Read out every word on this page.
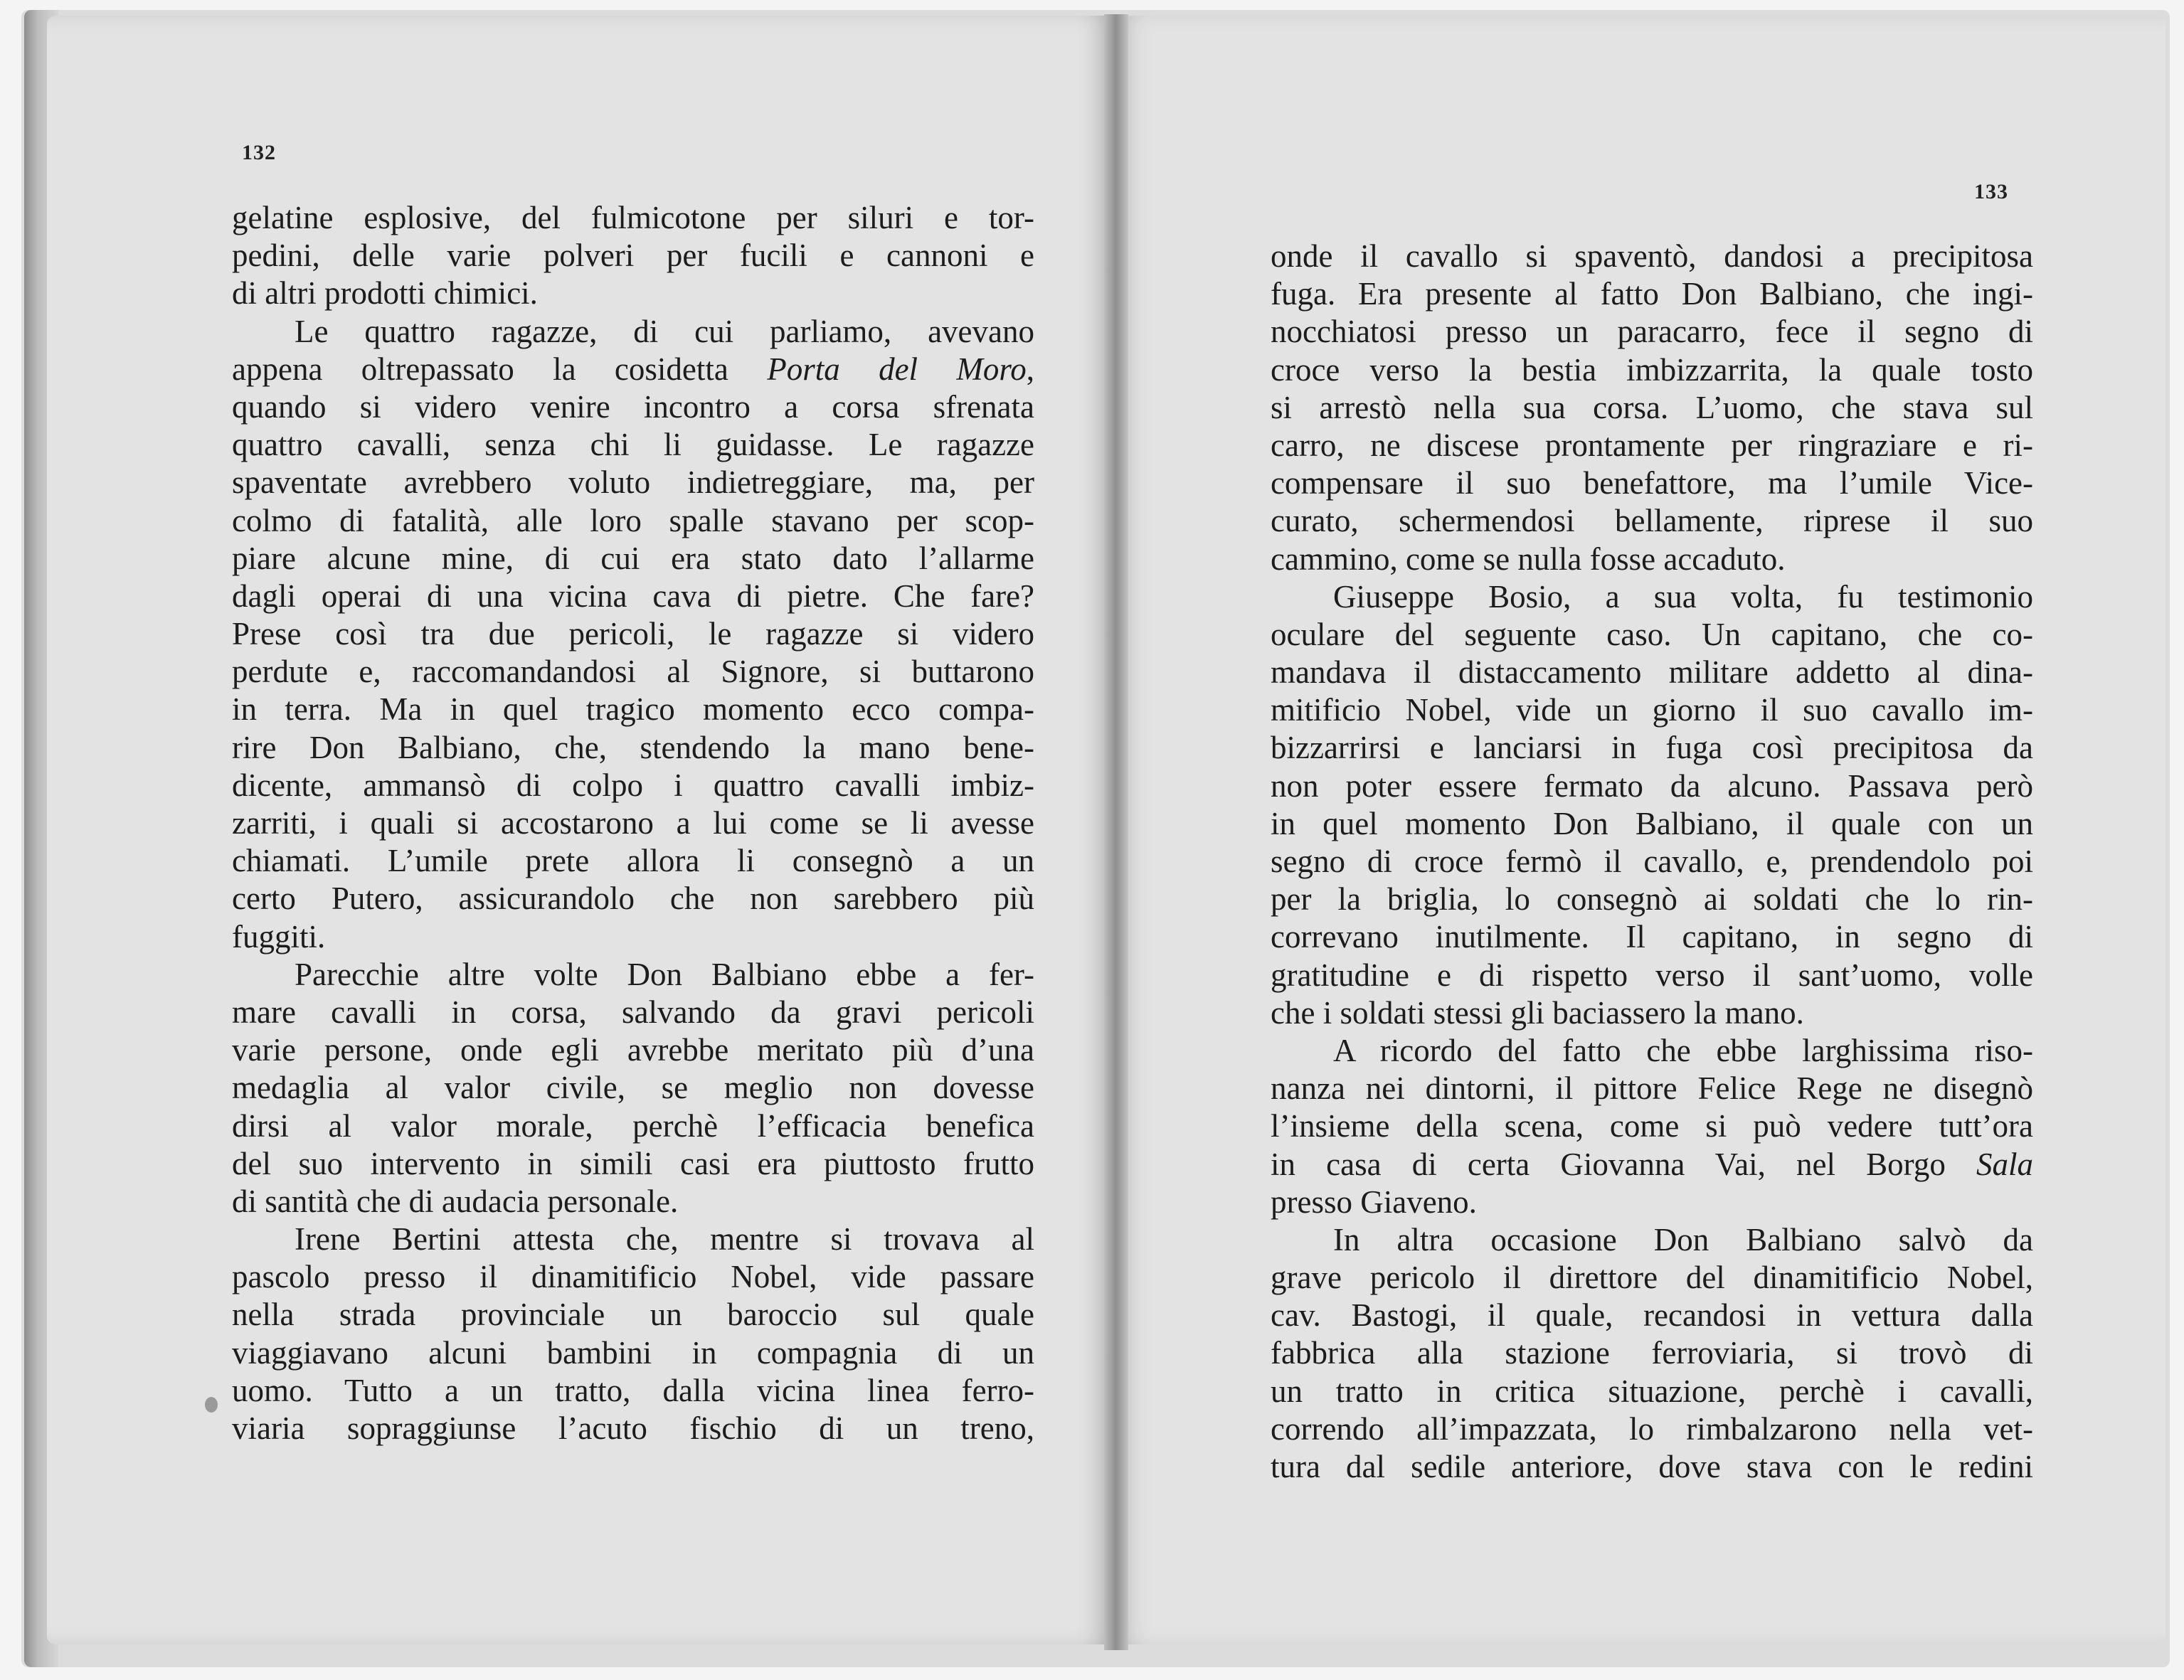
132
133
gelatine esplosive, del fulmicotone per siluri e tor-
pedini, delle varie polveri per fucili e cannoni e
di altri prodotti chimici.
Le quattro ragazze, di cui parliamo, avevano
appena oltrepassato la cosidetta Porta del Moro,
quando si videro venire incontro a corsa sfrenata
quattro cavalli, senza chi li guidasse. Le ragazze
spaventate avrebbero voluto indietreggiare, ma, per
colmo di fatalità, alle loro spalle stavano per scop-
piare alcune mine, di cui era stato dato l’allarme
dagli operai di una vicina cava di pietre. Che fare?
Prese così tra due pericoli, le ragazze si videro
perdute e, raccomandandosi al Signore, si buttarono
in terra. Ma in quel tragico momento ecco compa-
rire Don Balbiano, che, stendendo la mano bene-
dicente, ammansò di colpo i quattro cavalli imbiz-
zarriti, i quali si accostarono a lui come se li avesse
chiamati. L’umile prete allora li consegnò a un
certo Putero, assicurandolo che non sarebbero più
fuggiti.
Parecchie altre volte Don Balbiano ebbe a fer-
mare cavalli in corsa, salvando da gravi pericoli
varie persone, onde egli avrebbe meritato più d’una
medaglia al valor civile, se meglio non dovesse
dirsi al valor morale, perchè l’efficacia benefica
del suo intervento in simili casi era piuttosto frutto
di santità che di audacia personale.
Irene Bertini attesta che, mentre si trovava al
pascolo presso il dinamitificio Nobel, vide passare
nella strada provinciale un baroccio sul quale
viaggiavano alcuni bambini in compagnia di un
uomo. Tutto a un tratto, dalla vicina linea ferro-
viaria sopraggiunse l’acuto fischio di un treno,
onde il cavallo si spaventò, dandosi a precipitosa
fuga. Era presente al fatto Don Balbiano, che ingi-
nocchiatosi presso un paracarro, fece il segno di
croce verso la bestia imbizzarrita, la quale tosto
si arrestò nella sua corsa. L’uomo, che stava sul
carro, ne discese prontamente per ringraziare e ri-
compensare il suo benefattore, ma l’umile Vice-
curato, schermendosi bellamente, riprese il suo
cammino, come se nulla fosse accaduto.
Giuseppe Bosio, a sua volta, fu testimonio
oculare del seguente caso. Un capitano, che co-
mandava il distaccamento militare addetto al dina-
mitificio Nobel, vide un giorno il suo cavallo im-
bizzarrirsi e lanciarsi in fuga così precipitosa da
non poter essere fermato da alcuno. Passava però
in quel momento Don Balbiano, il quale con un
segno di croce fermò il cavallo, e, prendendolo poi
per la briglia, lo consegnò ai soldati che lo rin-
correvano inutilmente. Il capitano, in segno di
gratitudine e di rispetto verso il sant’uomo, volle
che i soldati stessi gli baciassero la mano.
A ricordo del fatto che ebbe larghissima riso-
nanza nei dintorni, il pittore Felice Rege ne disegnò
l’insieme della scena, come si può vedere tutt’ora
in casa di certa Giovanna Vai, nel Borgo Sala
presso Giaveno.
In altra occasione Don Balbiano salvò da
grave pericolo il direttore del dinamitificio Nobel,
cav. Bastogi, il quale, recandosi in vettura dalla
fabbrica alla stazione ferroviaria, si trovò di
un tratto in critica situazione, perchè i cavalli,
correndo all’impazzata, lo rimbalzarono nella vet-
tura dal sedile anteriore, dove stava con le redini
